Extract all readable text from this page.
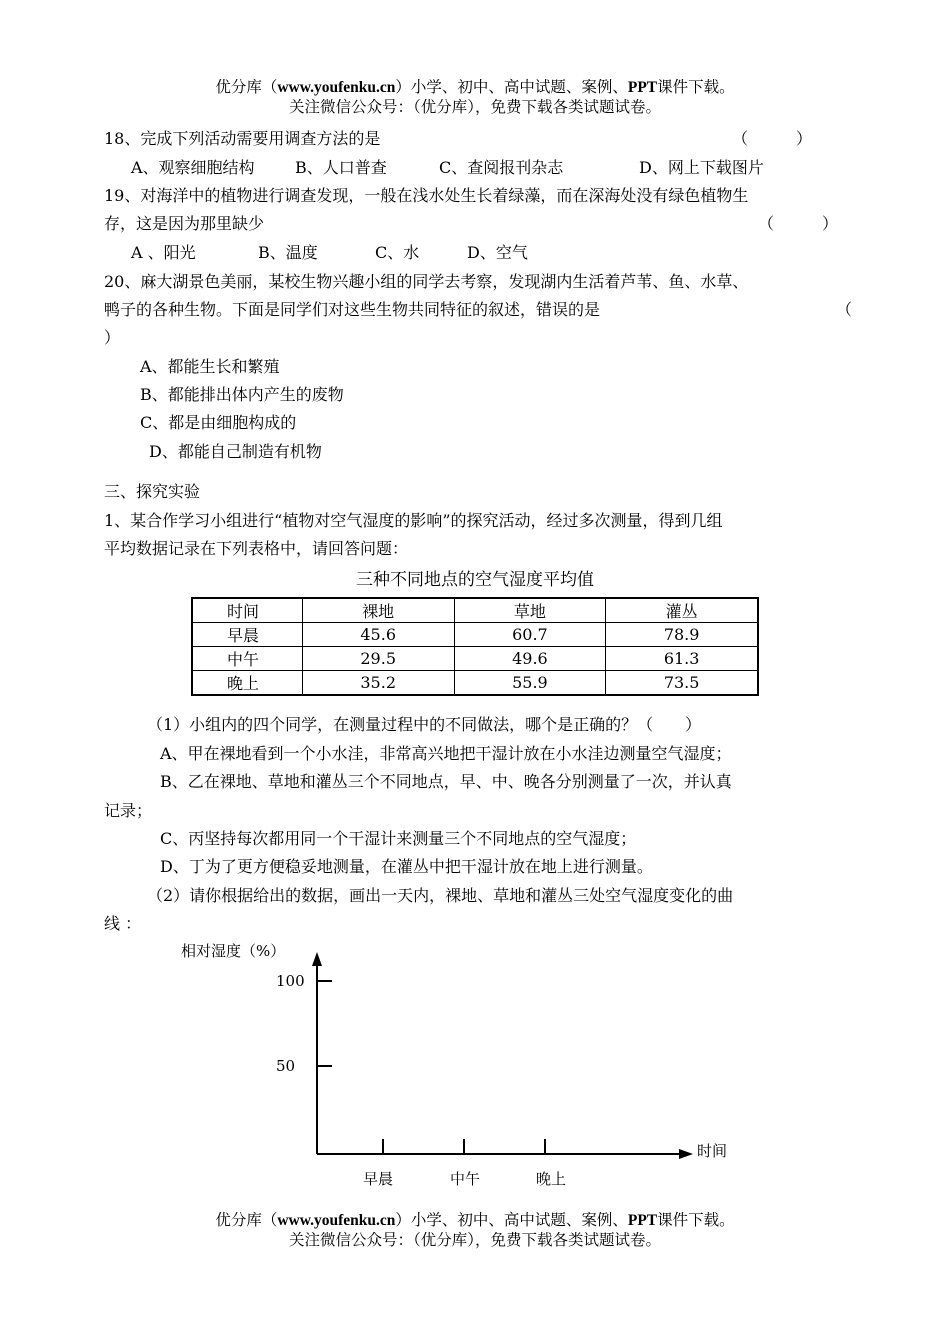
优分库（www.youfenku.cn）小学、初中、高中试题、案例、PPT课件下载。
关注微信公众号：（优分库），免费下载各类试题试卷。
18、完成下列活动需要用调查方法的是	（　　　）
A、观察细胞结构	B、人口普查	C、查阅报刊杂志	D、网上下载图片
19、对海洋中的植物进行调查发现，一般在浅水处生长着绿藻，而在深海处没有绿色植物生
存，这是因为那里缺少	（　　　）
A 、阳光	B、温度	C、水	D、空气
20、麻大湖景色美丽，某校生物兴趣小组的同学去考察，发现湖内生活着芦苇、鱼、水草、
鸭子的各种生物。下面是同学们对这些生物共同特征的叙述，错误的是	（
）
A、都能生长和繁殖
B、都能排出体内产生的废物
C、都是由细胞构成的
D、都能自己制造有机物
三、探究实验
1、某合作学习小组进行“植物对空气湿度的影响”的探究活动，经过多次测量，得到几组
平均数据记录在下列表格中，请回答问题：
三种不同地点的空气湿度平均值
时间	裸地	草地	灌丛
早晨	45.6	60.7	78.9
中午	29.5	49.6	61.3
晚上	35.2	55.9	73.5
（1）小组内的四个同学，在测量过程中的不同做法，哪个是正确的？（　　）
A、甲在裸地看到一个小水洼，非常高兴地把干湿计放在小水洼边测量空气湿度；
B、乙在裸地、草地和灌丛三个不同地点，早、中、晚各分别测量了一次，并认真
记录；
C、丙坚持每次都用同一个干湿计来测量三个不同地点的空气湿度；
D、丁为了更方便稳妥地测量，在灌丛中把干湿计放在地上进行测量。
（2）请你根据给出的数据，画出一天内，裸地、草地和灌丛三处空气湿度变化的曲
线 ：
相对湿度（%）
100
50
时间
早晨	中午	晚上
优分库（www.youfenku.cn）小学、初中、高中试题、案例、PPT课件下载。
关注微信公众号：（优分库），免费下载各类试题试卷。
